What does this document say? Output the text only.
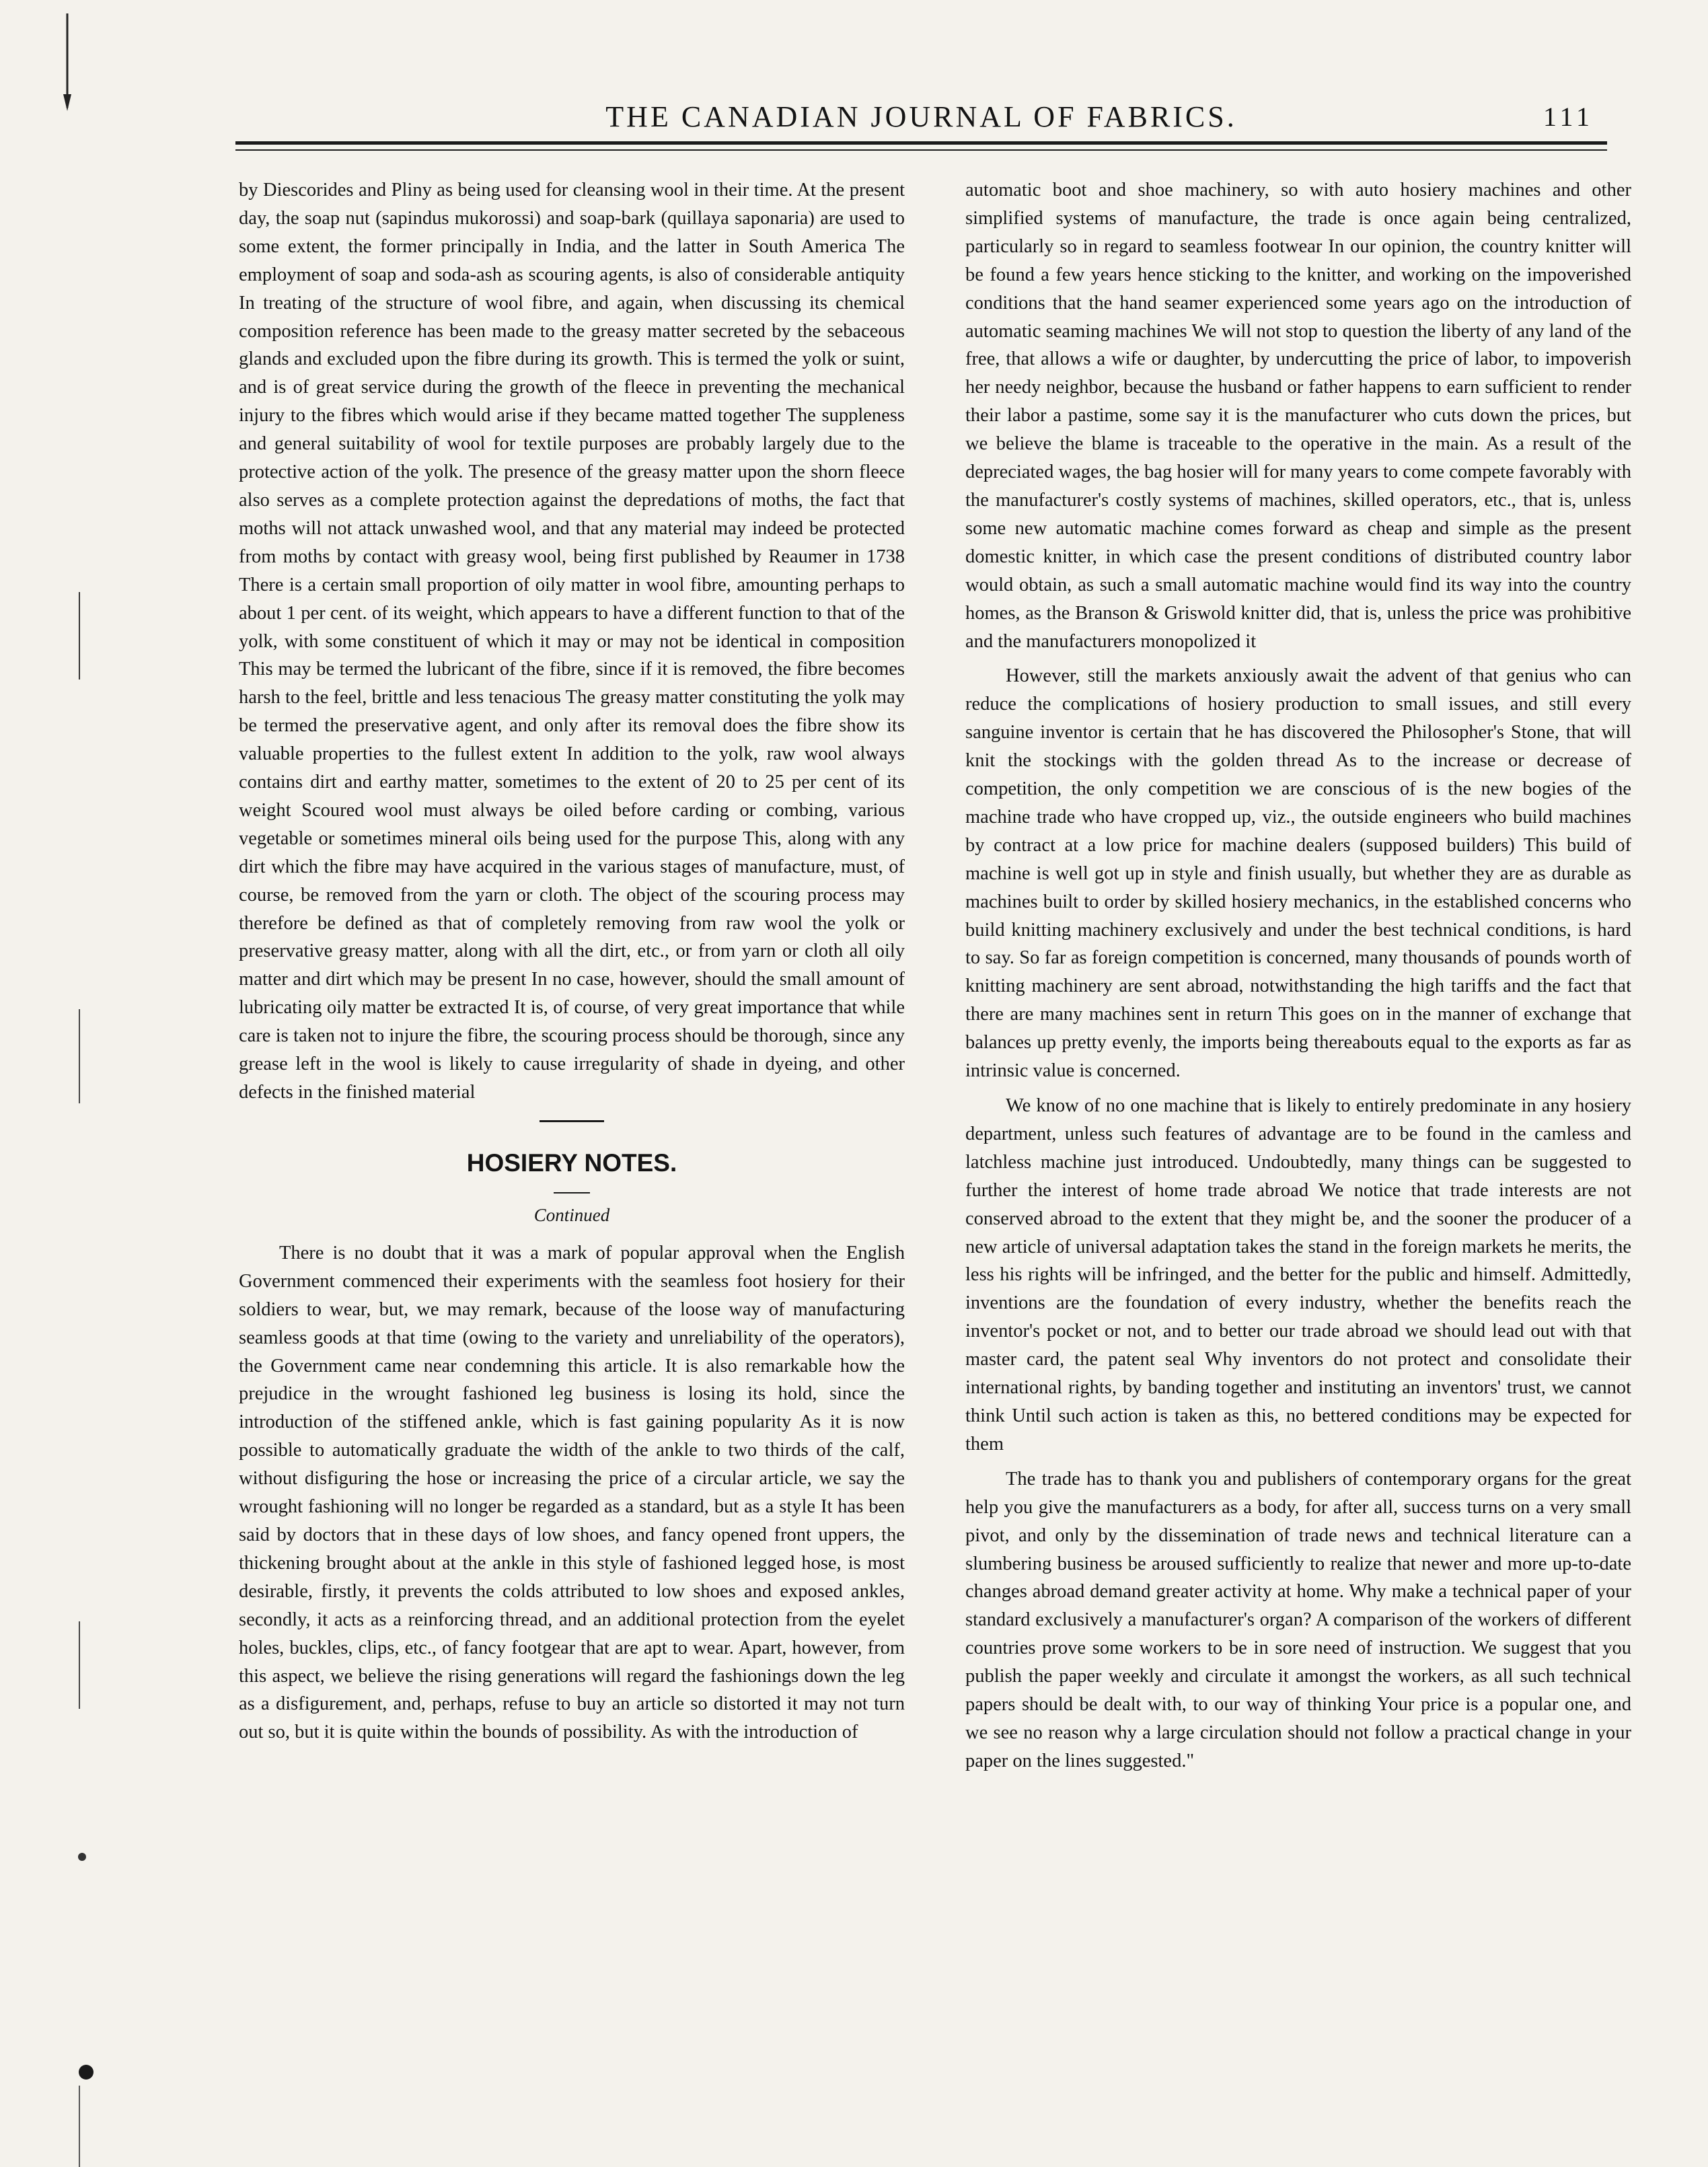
THE CANADIAN JOURNAL OF FABRICS.	111

by Diescorides and Pliny as being used for cleansing wool in their time. At the present day, the soap nut (sapindus mukorossi) and soap-bark (quillaya saponaria) are used to some extent, the former principally in India, and the latter in South America The employment of soap and soda-ash as scouring agents, is also of considerable antiquity In treating of the structure of wool fibre, and again, when discussing its chemical composition reference has been made to the greasy matter secreted by the sebaceous glands and excluded upon the fibre during its growth. This is termed the yolk or suint, and is of great service during the growth of the fleece in preventing the mechanical injury to the fibres which would arise if they became matted together The suppleness and general suitability of wool for textile purposes are probably largely due to the protective action of the yolk. The presence of the greasy matter upon the shorn fleece also serves as a complete protection against the depredations of moths, the fact that moths will not attack unwashed wool, and that any material may indeed be protected from moths by contact with greasy wool, being first published by Reaumer in 1738 There is a certain small proportion of oily matter in wool fibre, amounting perhaps to about 1 per cent. of its weight, which appears to have a different function to that of the yolk, with some constituent of which it may or may not be identical in composition This may be termed the lubricant of the fibre, since if it is removed, the fibre becomes harsh to the feel, brittle and less tenacious The greasy matter constituting the yolk may be termed the preservative agent, and only after its removal does the fibre show its valuable properties to the fullest extent In addition to the yolk, raw wool always contains dirt and earthy matter, sometimes to the extent of 20 to 25 per cent of its weight Scoured wool must always be oiled before carding or combing, various vegetable or sometimes mineral oils being used for the purpose This, along with any dirt which the fibre may have acquired in the various stages of manufacture, must, of course, be removed from the yarn or cloth. The object of the scouring process may therefore be defined as that of completely removing from raw wool the yolk or preservative greasy matter, along with all the dirt, etc., or from yarn or cloth all oily matter and dirt which may be present In no case, however, should the small amount of lubricating oily matter be extracted It is, of course, of very great importance that while care is taken not to injure the fibre, the scouring process should be thorough, since any grease left in the wool is likely to cause irregularity of shade in dyeing, and other defects in the finished material

HOSIERY NOTES.

Continued

There is no doubt that it was a mark of popular approval when the English Government commenced their experiments with the seamless foot hosiery for their soldiers to wear, but, we may remark, because of the loose way of manufacturing seamless goods at that time (owing to the variety and unreliability of the operators), the Government came near condemning this article. It is also remarkable how the prejudice in the wrought fashioned leg business is losing its hold, since the introduction of the stiffened ankle, which is fast gaining popularity As it is now possible to automatically graduate the width of the ankle to two thirds of the calf, without disfiguring the hose or increasing the price of a circular article, we say the wrought fashioning will no longer be regarded as a standard, but as a style It has been said by doctors that in these days of low shoes, and fancy opened front uppers, the thickening brought about at the ankle in this style of fashioned legged hose, is most desirable, firstly, it prevents the colds attributed to low shoes and exposed ankles, secondly, it acts as a reinforcing thread, and an additional protection from the eyelet holes, buckles, clips, etc., of fancy footgear that are apt to wear. Apart, however, from this aspect, we believe the rising generations will regard the fashionings down the leg as a disfigurement, and, perhaps, refuse to buy an article so distorted it may not turn out so, but it is quite within the bounds of possibility. As with the introduction of

automatic boot and shoe machinery, so with auto hosiery machines and other simplified systems of manufacture, the trade is once again being centralized, particularly so in regard to seamless footwear In our opinion, the country knitter will be found a few years hence sticking to the knitter, and working on the impoverished conditions that the hand seamer experienced some years ago on the introduction of automatic seaming machines We will not stop to question the liberty of any land of the free, that allows a wife or daughter, by undercutting the price of labor, to impoverish her needy neighbor, because the husband or father happens to earn sufficient to render their labor a pastime, some say it is the manufacturer who cuts down the prices, but we believe the blame is traceable to the operative in the main. As a result of the depreciated wages, the bag hosier will for many years to come compete favorably with the manufacturer's costly systems of machines, skilled operators, etc., that is, unless some new automatic machine comes forward as cheap and simple as the present domestic knitter, in which case the present conditions of distributed country labor would obtain, as such a small automatic machine would find its way into the country homes, as the Branson & Griswold knitter did, that is, unless the price was prohibitive and the manufacturers monopolized it

However, still the markets anxiously await the advent of that genius who can reduce the complications of hosiery production to small issues, and still every sanguine inventor is certain that he has discovered the Philosopher's Stone, that will knit the stockings with the golden thread As to the increase or decrease of competition, the only competition we are conscious of is the new bogies of the machine trade who have cropped up, viz., the outside engineers who build machines by contract at a low price for machine dealers (supposed builders) This build of machine is well got up in style and finish usually, but whether they are as durable as machines built to order by skilled hosiery mechanics, in the established concerns who build knitting machinery exclusively and under the best technical conditions, is hard to say. So far as foreign competition is concerned, many thousands of pounds worth of knitting machinery are sent abroad, notwithstanding the high tariffs and the fact that there are many machines sent in return This goes on in the manner of exchange that balances up pretty evenly, the imports being thereabouts equal to the exports as far as intrinsic value is concerned.

We know of no one machine that is likely to entirely predominate in any hosiery department, unless such features of advantage are to be found in the camless and latchless machine just introduced. Undoubtedly, many things can be suggested to further the interest of home trade abroad We notice that trade interests are not conserved abroad to the extent that they might be, and the sooner the producer of a new article of universal adaptation takes the stand in the foreign markets he merits, the less his rights will be infringed, and the better for the public and himself. Admittedly, inventions are the foundation of every industry, whether the benefits reach the inventor's pocket or not, and to better our trade abroad we should lead out with that master card, the patent seal Why inventors do not protect and consolidate their international rights, by banding together and instituting an inventors' trust, we cannot think Until such action is taken as this, no bettered conditions may be expected for them

The trade has to thank you and publishers of contemporary organs for the great help you give the manufacturers as a body, for after all, success turns on a very small pivot, and only by the dissemination of trade news and technical literature can a slumbering business be aroused sufficiently to realize that newer and more up-to-date changes abroad demand greater activity at home. Why make a technical paper of your standard exclusively a manufacturer's organ? A comparison of the workers of different countries prove some workers to be in sore need of instruction. We suggest that you publish the paper weekly and circulate it amongst the workers, as all such technical papers should be dealt with, to our way of thinking Your price is a popular one, and we see no reason why a large circulation should not follow a practical change in your paper on the lines suggested."
